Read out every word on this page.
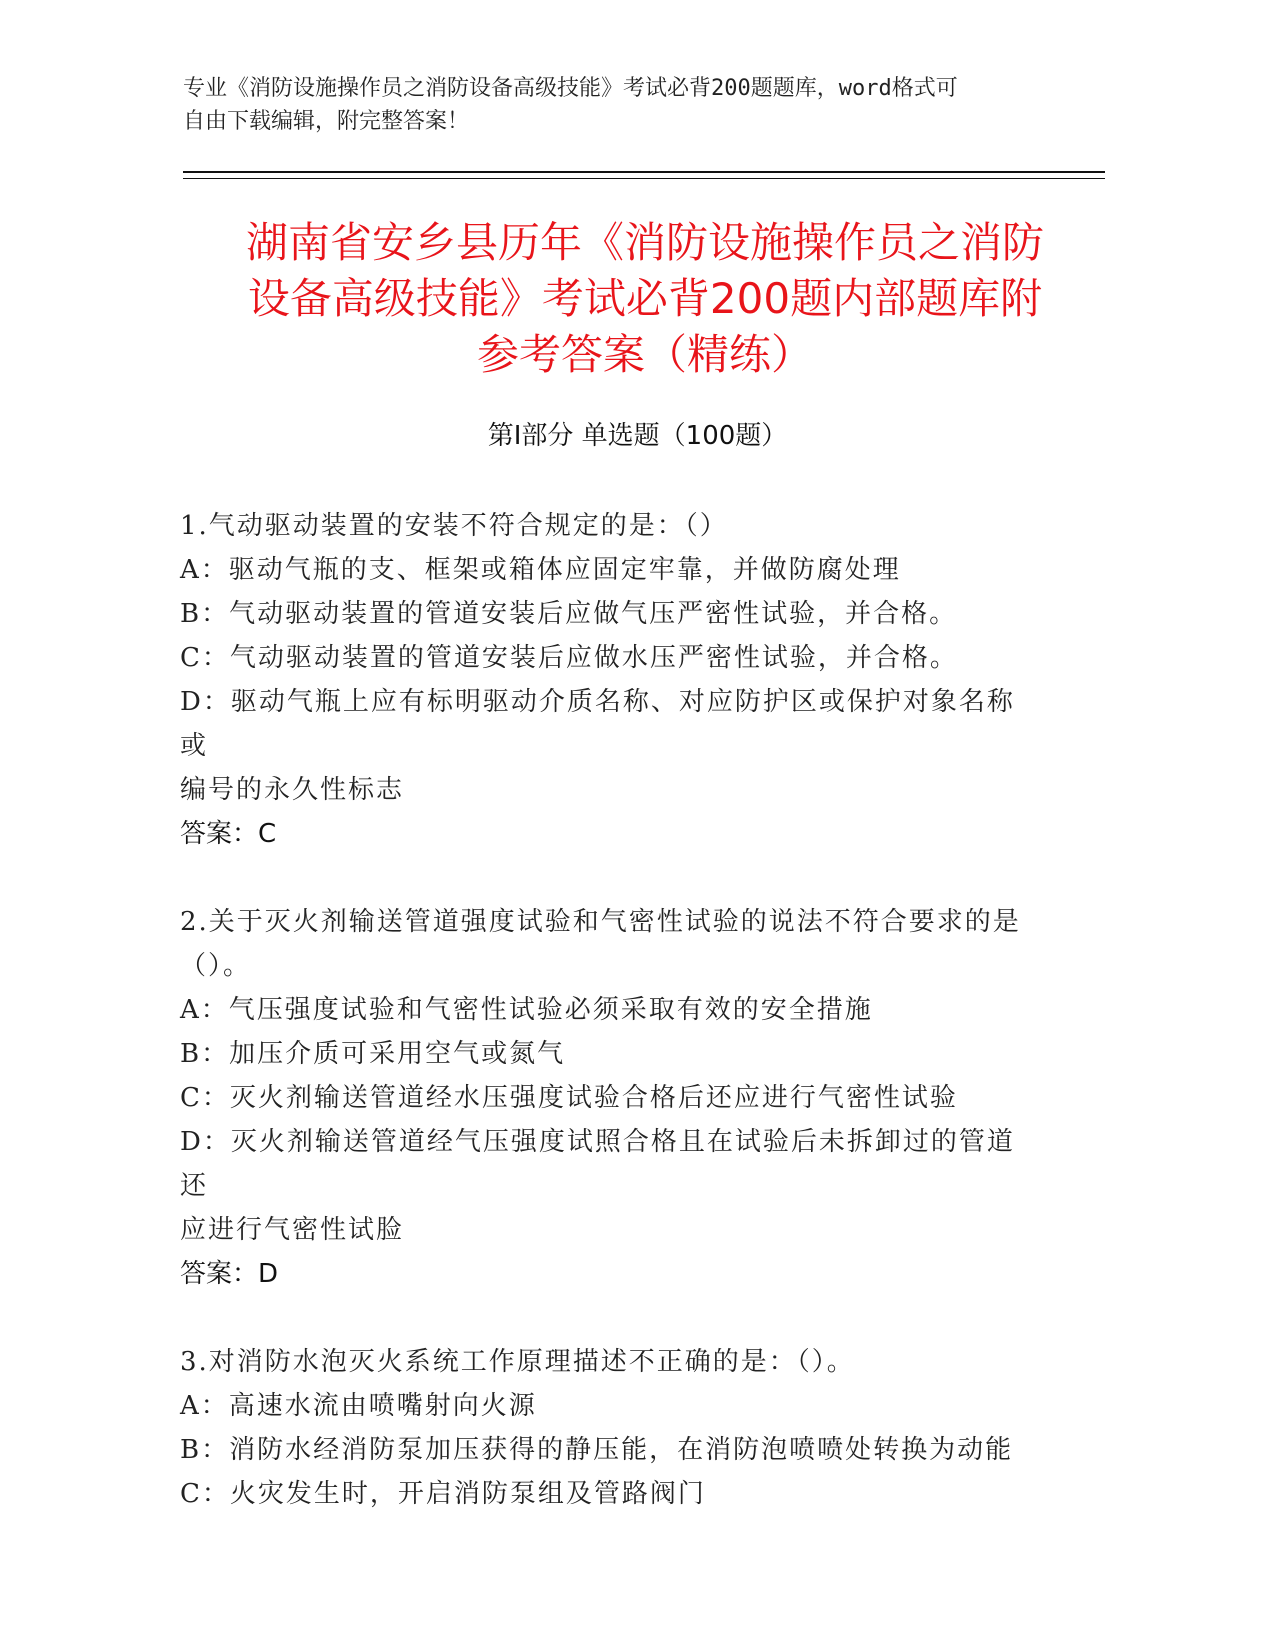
专业《消防设施操作员之消防设备高级技能》考试必背200题题库，word格式可

自由下载编辑，附完整答案！

湖南省安乡县历年《消防设施操作员之消防
设备高级技能》考试必背200题内部题库附
参考答案（精练）
第I部分 单选题（100题）

1.气动驱动装置的安装不符合规定的是：（）

A：驱动气瓶的支、框架或箱体应固定牢靠，并做防腐处理

B：气动驱动装置的管道安装后应做气压严密性试验，并合格。

C：气动驱动装置的管道安装后应做水压严密性试验，并合格。

D：驱动气瓶上应有标明驱动介质名称、对应防护区或保护对象名称或

编号的永久性标志

答案：C

2.关于灭火剂输送管道强度试验和气密性试验的说法不符合要求的是

（）。

A：气压强度试验和气密性试验必须采取有效的安全措施

B：加压介质可采用空气或氮气

C：灭火剂输送管道经水压强度试验合格后还应进行气密性试验

D：灭火剂输送管道经气压强度试照合格且在试验后未拆卸过的管道还

应进行气密性试脸

答案：D

3.对消防水泡灭火系统工作原理描述不正确的是：（）。

A：高速水流由喷嘴射向火源

B：消防水经消防泵加压获得的静压能，在消防泡喷喷处转换为动能

C：火灾发生时，开启消防泵组及管路阀门
